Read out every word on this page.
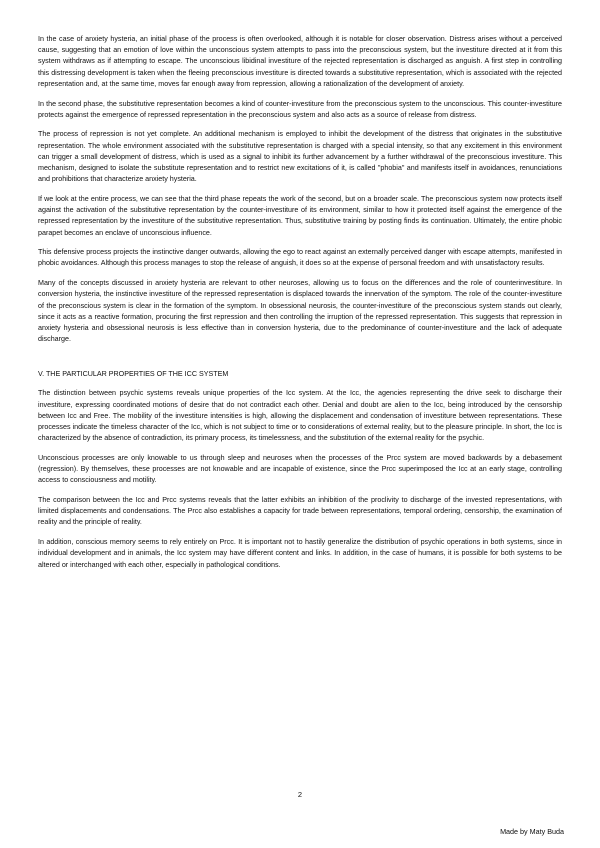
In the case of anxiety hysteria, an initial phase of the process is often overlooked, although it is notable for closer observation. Distress arises without a perceived cause, suggesting that an emotion of love within the unconscious system attempts to pass into the preconscious system, but the investiture directed at it from this system withdraws as if attempting to escape. The unconscious libidinal investiture of the rejected representation is discharged as anguish. A first step in controlling this distressing development is taken when the fleeing preconscious investiture is directed towards a substitutive representation, which is associated with the rejected representation and, at the same time, moves far enough away from repression, allowing a rationalization of the development of anxiety.

In the second phase, the substitutive representation becomes a kind of counter-investiture from the preconscious system to the unconscious. This counter-investiture protects against the emergence of repressed representation in the preconscious system and also acts as a source of release from distress.

The process of repression is not yet complete. An additional mechanism is employed to inhibit the development of the distress that originates in the substitutive representation. The whole environment associated with the substitutive representation is charged with a special intensity, so that any excitement in this environment can trigger a small development of distress, which is used as a signal to inhibit its further advancement by a further withdrawal of the preconscious investiture. This mechanism, designed to isolate the substitute representation and to restrict new excitations of it, is called "phobia" and manifests itself in avoidances, renunciations and prohibitions that characterize anxiety hysteria.

If we look at the entire process, we can see that the third phase repeats the work of the second, but on a broader scale. The preconscious system now protects itself against the activation of the substitutive representation by the counter-investiture of its environment, similar to how it protected itself against the emergence of the repressed representation by the investiture of the substitutive representation. Thus, substitutive training by posting finds its continuation. Ultimately, the entire phobic parapet becomes an enclave of unconscious influence.

This defensive process projects the instinctive danger outwards, allowing the ego to react against an externally perceived danger with escape attempts, manifested in phobic avoidances. Although this process manages to stop the release of anguish, it does so at the expense of personal freedom and with unsatisfactory results.

Many of the concepts discussed in anxiety hysteria are relevant to other neuroses, allowing us to focus on the differences and the role of counterinvestiture. In conversion hysteria, the instinctive investiture of the repressed representation is displaced towards the innervation of the symptom. The role of the counter-investiture of the preconscious system is clear in the formation of the symptom. In obsessional neurosis, the counter-investiture of the preconscious system stands out clearly, since it acts as a reactive formation, procuring the first repression and then controlling the irruption of the repressed representation. This suggests that repression in anxiety hysteria and obsessional neurosis is less effective than in conversion hysteria, due to the predominance of counter-investiture and the lack of adequate discharge.

V. THE PARTICULAR PROPERTIES OF THE ICC SYSTEM

The distinction between psychic systems reveals unique properties of the Icc system. At the Icc, the agencies representing the drive seek to discharge their investiture, expressing coordinated motions of desire that do not contradict each other. Denial and doubt are alien to the Icc, being introduced by the censorship between Icc and Free. The mobility of the investiture intensities is high, allowing the displacement and condensation of investiture between representations. These processes indicate the timeless character of the Icc, which is not subject to time or to considerations of external reality, but to the pleasure principle. In short, the Icc is characterized by the absence of contradiction, its primary process, its timelessness, and the substitution of the external reality for the psychic.

Unconscious processes are only knowable to us through sleep and neuroses when the processes of the Prcc system are moved backwards by a debasement (regression). By themselves, these processes are not knowable and are incapable of existence, since the Prcc superimposed the Icc at an early stage, controlling access to consciousness and motility.

The comparison between the Icc and Prcc systems reveals that the latter exhibits an inhibition of the proclivity to discharge of the invested representations, with limited displacements and condensations. The Prcc also establishes a capacity for trade between representations, temporal ordering, censorship, the examination of reality and the principle of reality.

In addition, conscious memory seems to rely entirely on Prcc. It is important not to hastily generalize the distribution of psychic operations in both systems, since in individual development and in animals, the Icc system may have different content and links. In addition, in the case of humans, it is possible for both systems to be altered or interchanged with each other, especially in pathological conditions.

2
Made by Maty Buda
